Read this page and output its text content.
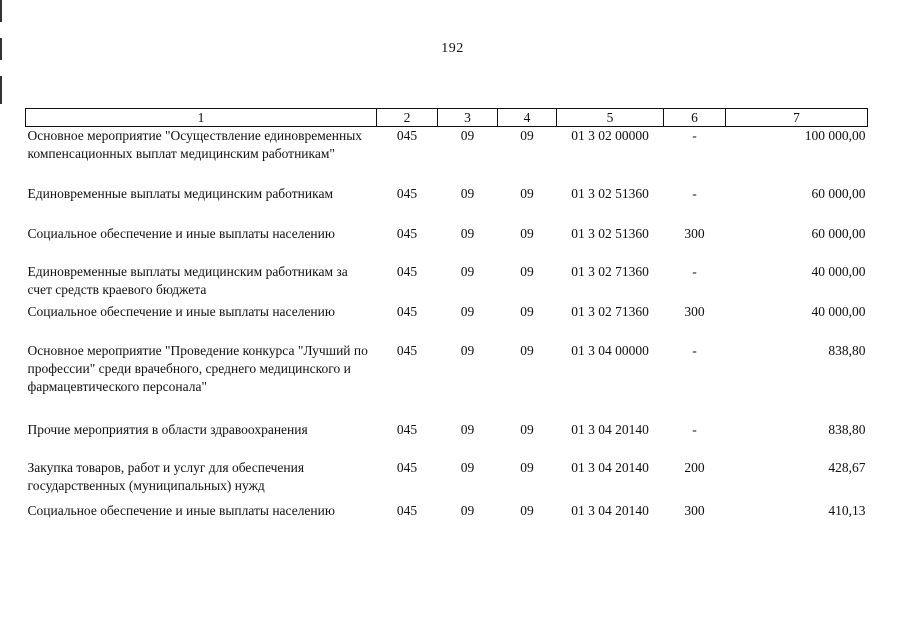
192
1	2	3	4	5	6	7
Основное мероприятие "Осуществление единовременных компенсационных выплат медицинским работникам"	045	09	09	01 3 02 00000	-	100 000,00
Единовременные выплаты медицинским работникам	045	09	09	01 3 02 51360	-	60 000,00
Социальное обеспечение и иные выплаты населению	045	09	09	01 3 02 51360	300	60 000,00
Единовременные выплаты медицинским работникам за счет средств краевого бюджета	045	09	09	01 3 02 71360	-	40 000,00
Социальное обеспечение и иные выплаты населению	045	09	09	01 3 02 71360	300	40 000,00
Основное мероприятие "Проведение конкурса "Лучший по профессии" среди врачебного, среднего медицинского и фармацевтического персонала"	045	09	09	01 3 04 00000	-	838,80
Прочие мероприятия в области здравоохранения	045	09	09	01 3 04 20140	-	838,80
Закупка товаров, работ и услуг для обеспечения государственных (муниципальных) нужд	045	09	09	01 3 04 20140	200	428,67
Социальное обеспечение и иные выплаты населению	045	09	09	01 3 04 20140	300	410,13
